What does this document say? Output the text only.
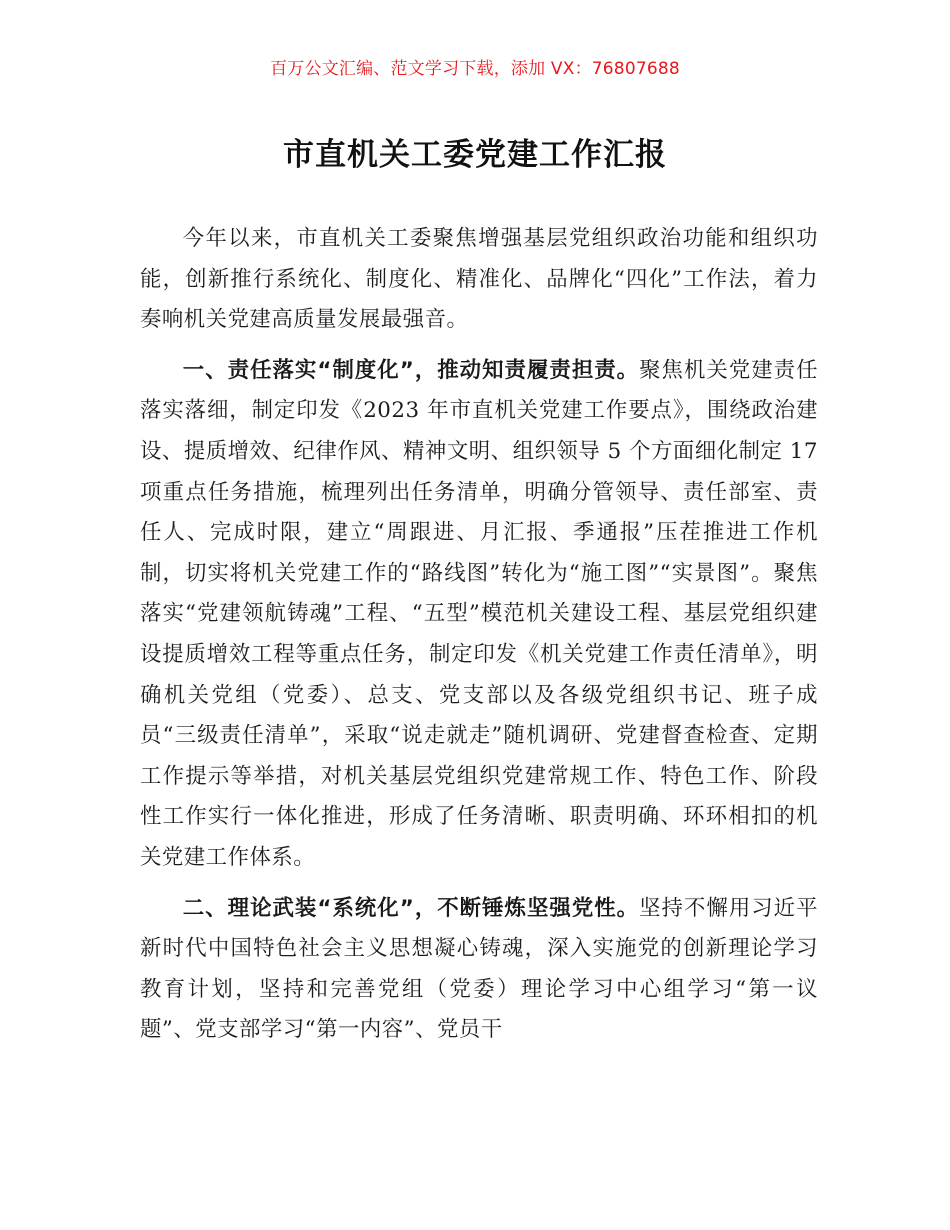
百万公文汇编、范文学习下载，添加 VX：76807688
市直机关工委党建工作汇报

今年以来，市直机关工委聚焦增强基层党组织政治功能和组织功能，创新推行系统化、制度化、精准化、品牌化“四化”工作法，着力奏响机关党建高质量发展最强音。

一、责任落实“制度化”，推动知责履责担责。聚焦机关党建责任落实落细，制定印发《2023 年市直机关党建工作要点》，围绕政治建设、提质增效、纪律作风、精神文明、组织领导 5 个方面细化制定 17 项重点任务措施，梳理列出任务清单，明确分管领导、责任部室、责任人、完成时限，建立“周跟进、月汇报、季通报”压茬推进工作机制，切实将机关党建工作的“路线图”转化为“施工图”“实景图”。聚焦落实“党建领航铸魂”工程、“五型”模范机关建设工程、基层党组织建设提质增效工程等重点任务，制定印发《机关党建工作责任清单》，明确机关党组（党委）、总支、党支部以及各级党组织书记、班子成员“三级责任清单”，采取“说走就走”随机调研、党建督查检查、定期工作提示等举措，对机关基层党组织党建常规工作、特色工作、阶段性工作实行一体化推进，形成了任务清晰、职责明确、环环相扣的机关党建工作体系。

二、理论武装“系统化”，不断锤炼坚强党性。坚持不懈用习近平新时代中国特色社会主义思想凝心铸魂，深入实施党的创新理论学习教育计划，坚持和完善党组（党委）理论学习中心组学习“第一议题”、党支部学习“第一内容”、党员干
